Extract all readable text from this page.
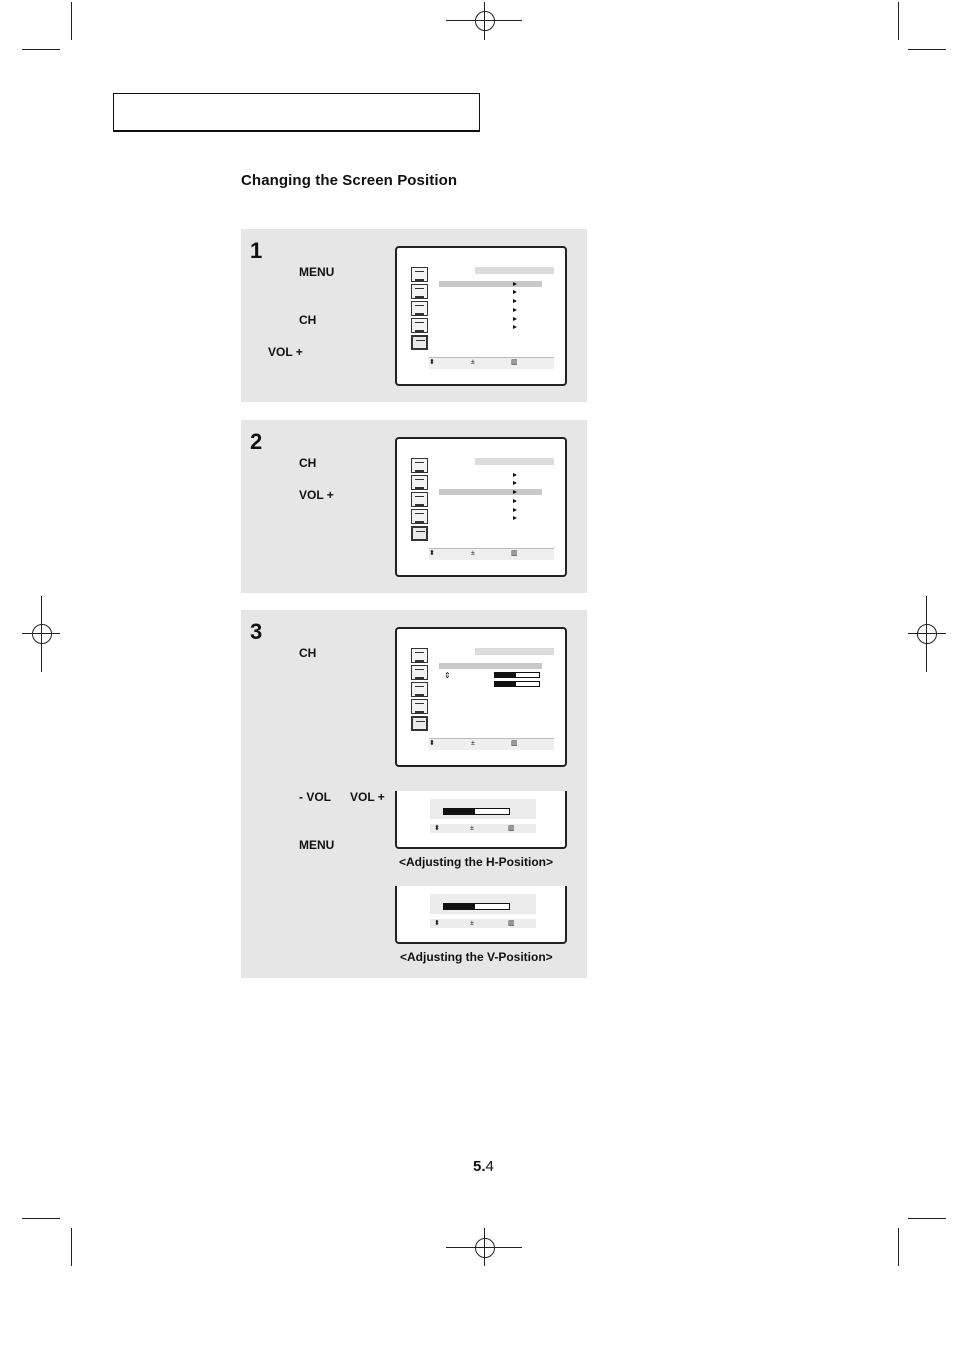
Changing the Screen Position
1
MENU
CH
VOL +
⬍	±	▥
2
CH
VOL +
⬍	±	▥
3
CH
- VOL VOL +
MENU
⇕
⬍	±	▥
⬍	±	▥
<Adjusting the H-Position>
⬍	±	▥
<Adjusting the V-Position>
5.4
